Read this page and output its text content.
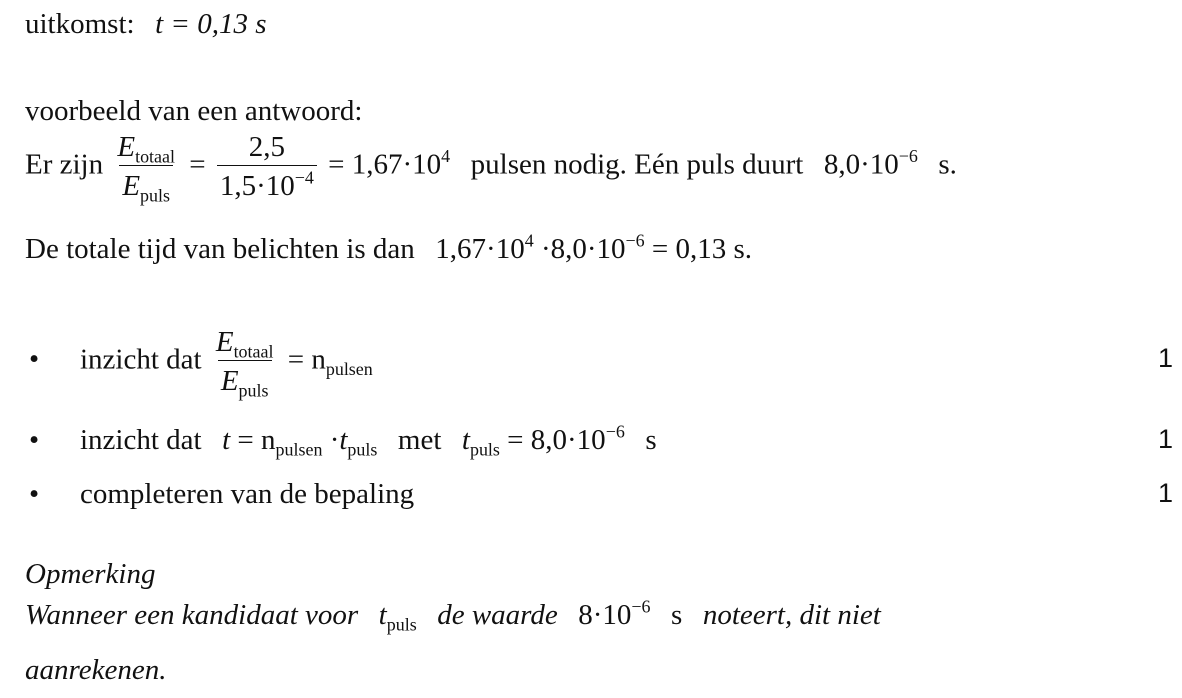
uitkomst: t = 0,13 s
voorbeeld van een antwoord:
Er zijn $\frac{E_{totaal}}{E_{puls}} = \frac{2,5}{1,5\cdot 10^{-4}} = 1,67\cdot 10^4$ pulsen nodig. Eén puls duurt $8,0\cdot 10^{-6}$ s.
De totale tijd van belichten is dan $1,67\cdot 10^4 \cdot 8,0\cdot 10^{-6} = 0,13$ s.
• inzicht dat $\frac{E_{totaal}}{E_{puls}} = n_{pulsen}$	1
• inzicht dat $t = n_{pulsen} \cdot t_{puls}$ met $t_{puls} = 8,0\cdot 10^{-6}$ s	1
• completeren van de bepaling	1
Opmerking
Wanneer een kandidaat voor $t_{puls}$ de waarde $8\cdot 10^{-6}$ s noteert, dit niet
aanrekenen.
